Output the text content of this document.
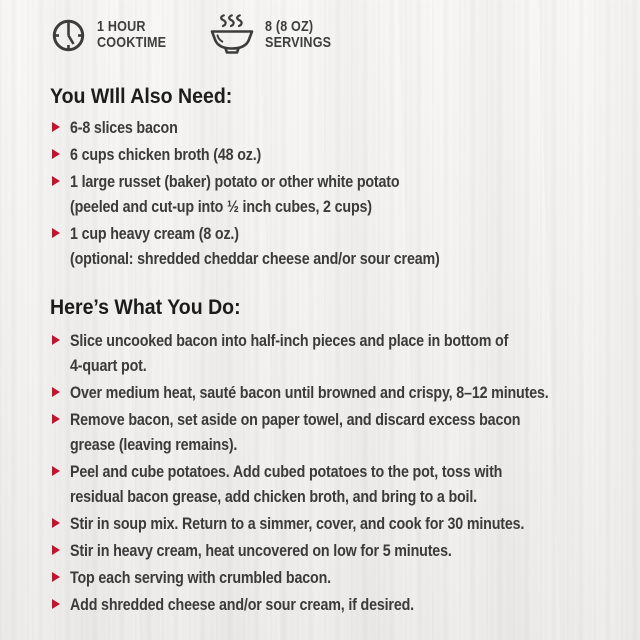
1 HOUR
COOKTIME
8 (8 OZ)
SERVINGS
You WIll Also Need:
6-8 slices bacon
6 cups chicken broth (48 oz.)
1 large russet (baker) potato or other white potato
(peeled and cut-up into ½ inch cubes, 2 cups)
1 cup heavy cream (8 oz.)
(optional: shredded cheddar cheese and/or sour cream)
Here’s What You Do:
Slice uncooked bacon into half-inch pieces and place in bottom of
4-quart pot.
Over medium heat, sauté bacon until browned and crispy, 8–12 minutes.
Remove bacon, set aside on paper towel, and discard excess bacon
grease (leaving remains).
Peel and cube potatoes. Add cubed potatoes to the pot, toss with
residual bacon grease, add chicken broth, and bring to a boil.
Stir in soup mix. Return to a simmer, cover, and cook for 30 minutes.
Stir in heavy cream, heat uncovered on low for 5 minutes.
Top each serving with crumbled bacon.
Add shredded cheese and/or sour cream, if desired.
